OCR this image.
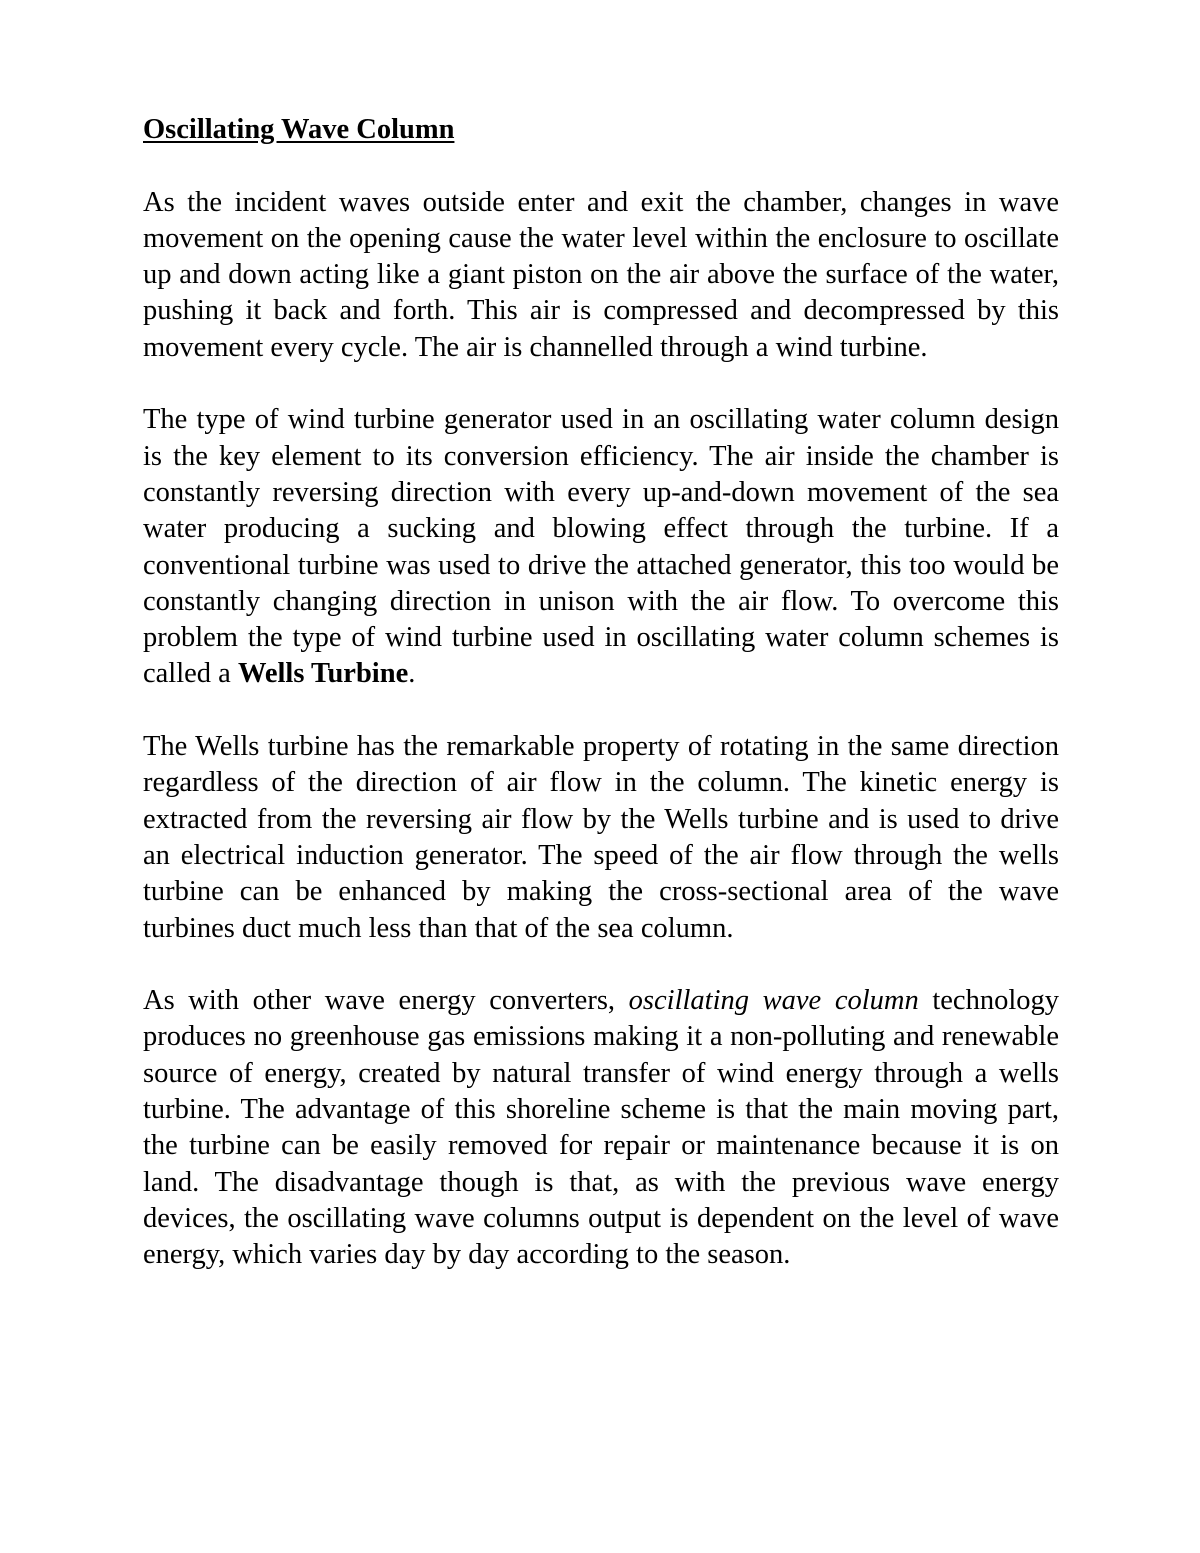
Oscillating Wave Column

As the incident waves outside enter and exit the chamber, changes in wave movement on the opening cause the water level within the enclosure to oscillate up and down acting like a giant piston on the air above the surface of the water, pushing it back and forth. This air is compressed and decompressed by this movement every cycle. The air is channelled through a wind turbine.

The type of wind turbine generator used in an oscillating water column design is the key element to its conversion efficiency. The air inside the chamber is constantly reversing direction with every up-and-down movement of the sea water producing a sucking and blowing effect through the turbine. If a conventional turbine was used to drive the attached generator, this too would be constantly changing direction in unison with the air flow. To overcome this problem the type of wind turbine used in oscillating water column schemes is called a Wells Turbine.

The Wells turbine has the remarkable property of rotating in the same direction regardless of the direction of air flow in the column. The kinetic energy is extracted from the reversing air flow by the Wells turbine and is used to drive an electrical induction generator. The speed of the air flow through the wells turbine can be enhanced by making the cross-sectional area of the wave turbines duct much less than that of the sea column.

As with other wave energy converters, oscillating wave column technology produces no greenhouse gas emissions making it a non-polluting and renewable source of energy, created by natural transfer of wind energy through a wells turbine. The advantage of this shoreline scheme is that the main moving part, the turbine can be easily removed for repair or maintenance because it is on land. The disadvantage though is that, as with the previous wave energy devices, the oscillating wave columns output is dependent on the level of wave energy, which varies day by day according to the season.
